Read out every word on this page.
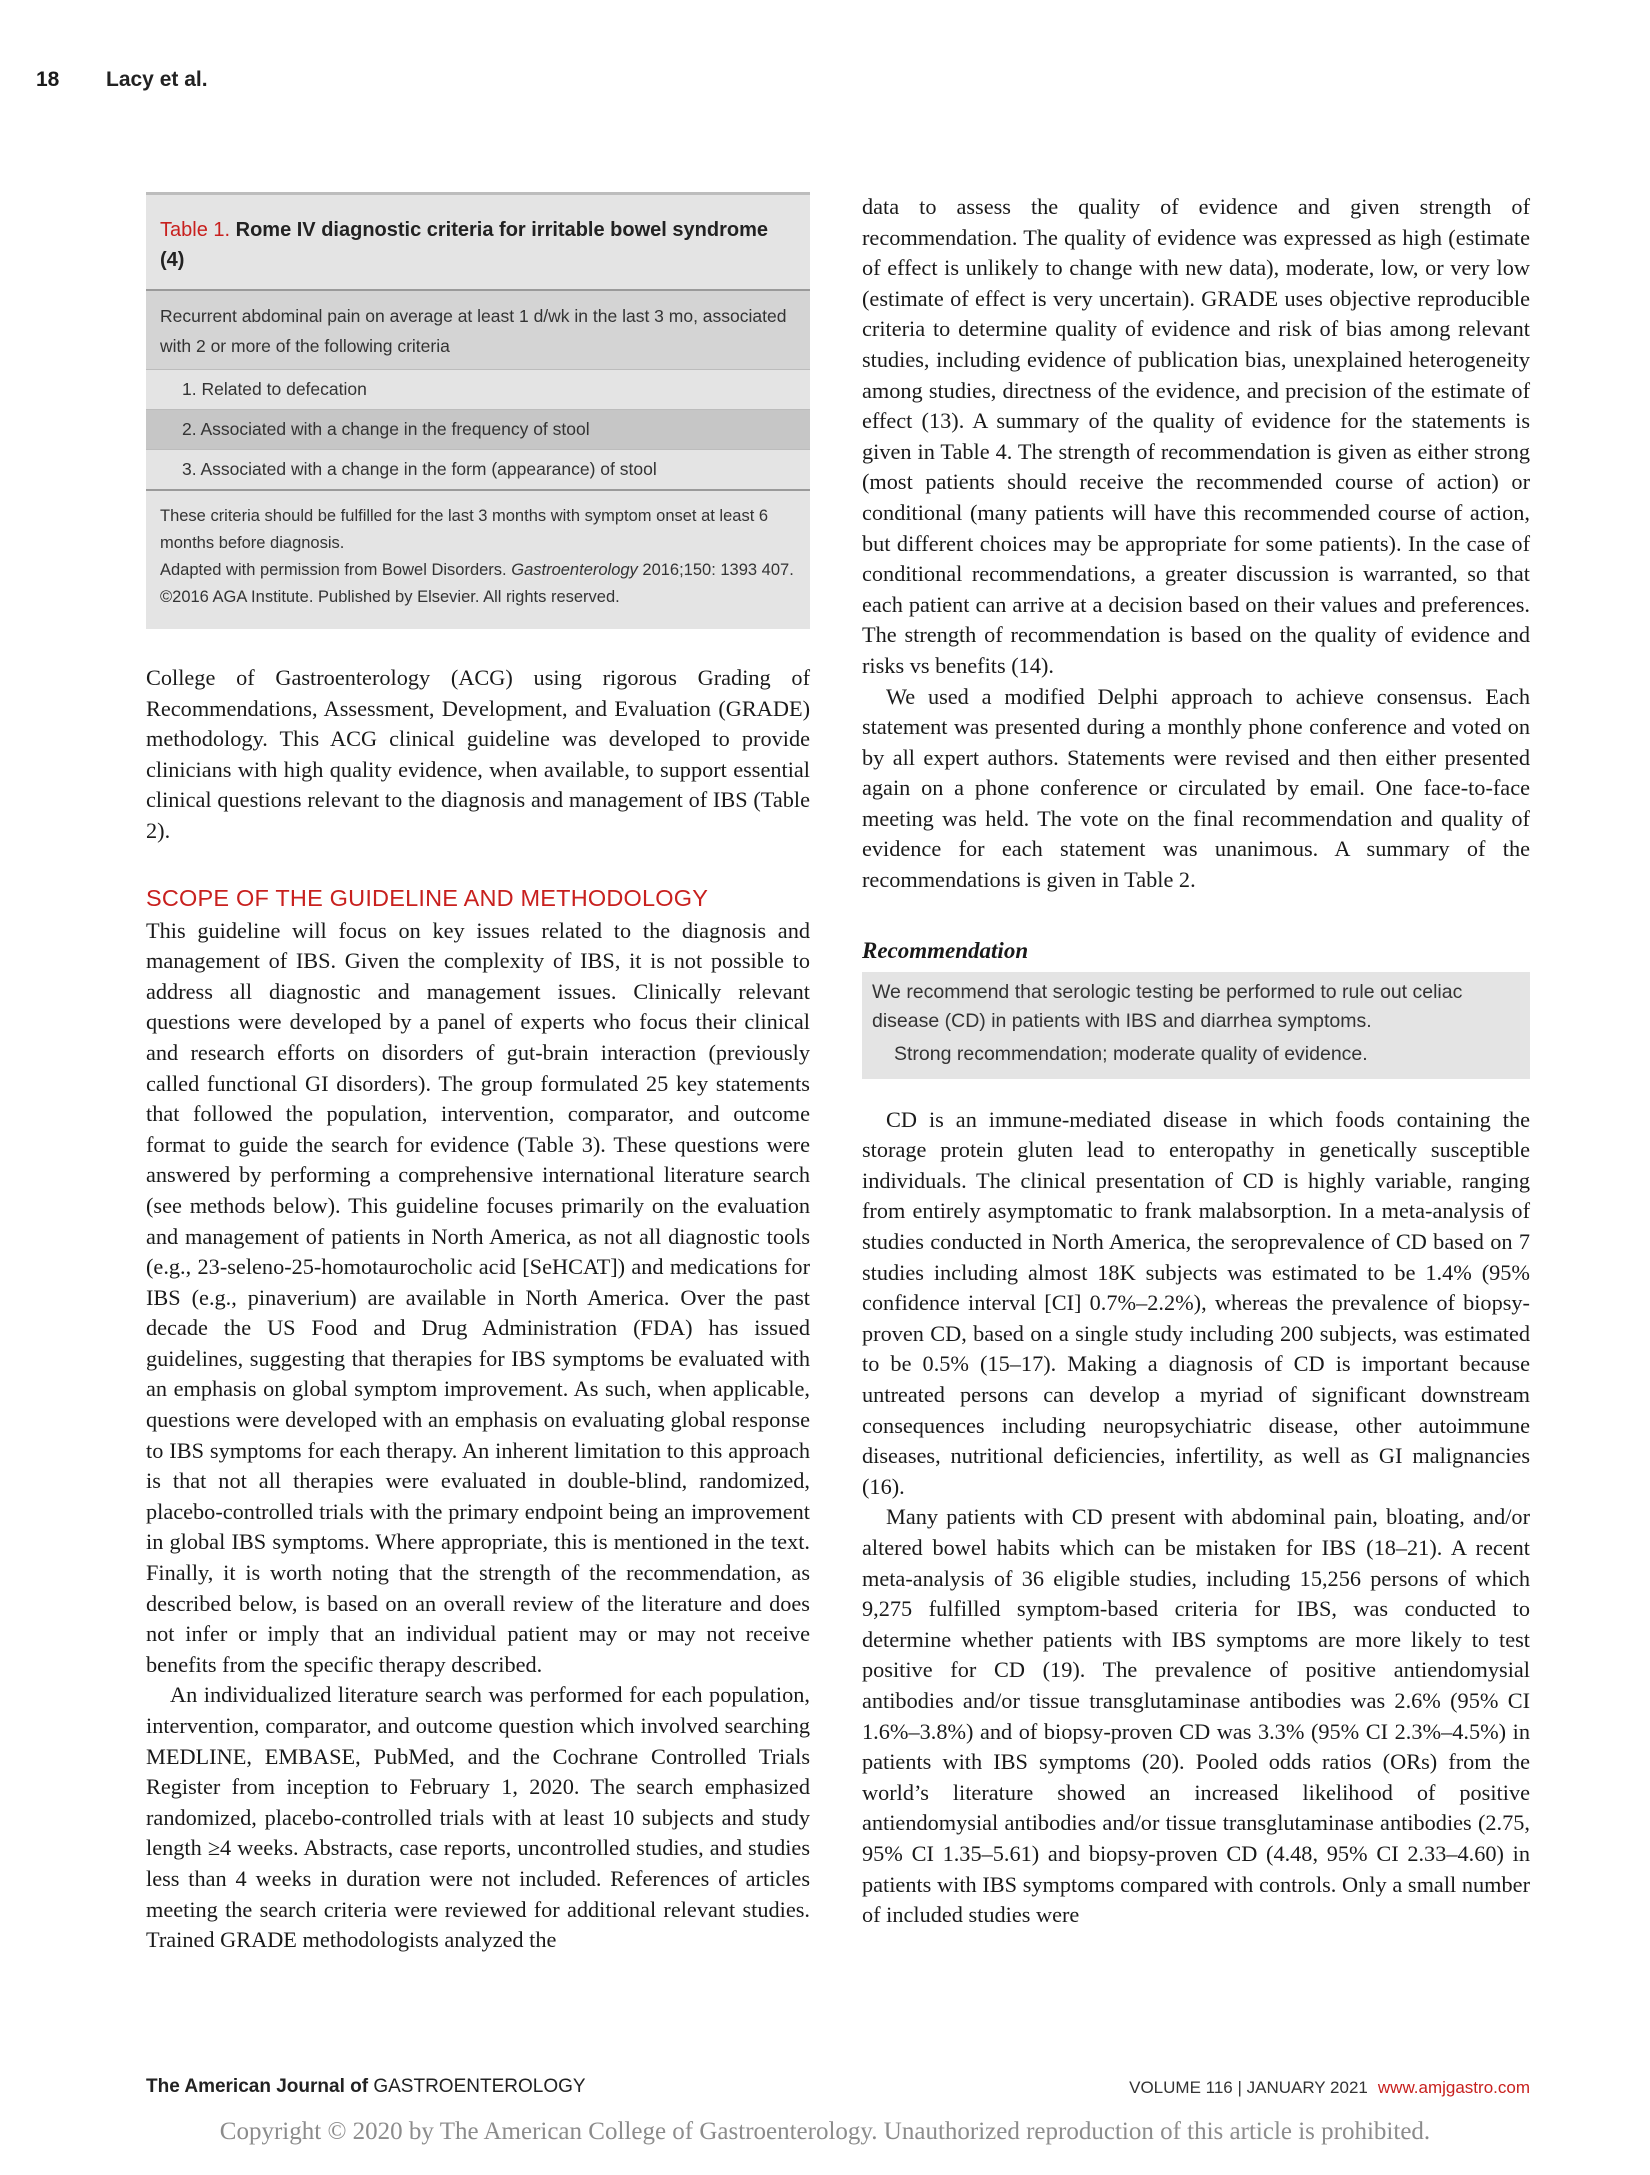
18 Lacy et al.
Table 1. Rome IV diagnostic criteria for irritable bowel syndrome (4)
Recurrent abdominal pain on average at least 1 d/wk in the last 3 mo, associated with 2 or more of the following criteria
1. Related to defecation
2. Associated with a change in the frequency of stool
3. Associated with a change in the form (appearance) of stool
These criteria should be fulfilled for the last 3 months with symptom onset at least 6 months before diagnosis.
Adapted with permission from Bowel Disorders. Gastroenterology 2016;150: 1393 407. ©2016 AGA Institute. Published by Elsevier. All rights reserved.

College of Gastroenterology (ACG) using rigorous Grading of Recommendations, Assessment, Development, and Evaluation (GRADE) methodology. This ACG clinical guideline was developed to provide clinicians with high quality evidence, when available, to support essential clinical questions relevant to the diagnosis and management of IBS (Table 2).

SCOPE OF THE GUIDELINE AND METHODOLOGY

This guideline will focus on key issues related to the diagnosis and management of IBS. Given the complexity of IBS, it is not possible to address all diagnostic and management issues. Clinically relevant questions were developed by a panel of experts who focus their clinical and research efforts on disorders of gut-brain interaction (previously called functional GI disorders). The group formulated 25 key statements that followed the population, intervention, comparator, and outcome format to guide the search for evidence (Table 3). These questions were answered by performing a comprehensive international literature search (see methods below). This guideline focuses primarily on the evaluation and management of patients in North America, as not all diagnostic tools (e.g., 23-seleno-25-homotaurocholic acid [SeHCAT]) and medications for IBS (e.g., pinaverium) are available in North America. Over the past decade the US Food and Drug Administration (FDA) has issued guidelines, suggesting that therapies for IBS symptoms be evaluated with an emphasis on global symptom improvement. As such, when applicable, questions were developed with an emphasis on evaluating global response to IBS symptoms for each therapy. An inherent limitation to this approach is that not all therapies were evaluated in double-blind, randomized, placebo-controlled trials with the primary endpoint being an improvement in global IBS symptoms. Where appropriate, this is mentioned in the text. Finally, it is worth noting that the strength of the recommendation, as described below, is based on an overall review of the literature and does not infer or imply that an individual patient may or may not receive benefits from the specific therapy described.

An individualized literature search was performed for each population, intervention, comparator, and outcome question which involved searching MEDLINE, EMBASE, PubMed, and the Cochrane Controlled Trials Register from inception to February 1, 2020. The search emphasized randomized, placebo-controlled trials with at least 10 subjects and study length ≥4 weeks. Abstracts, case reports, uncontrolled studies, and studies less than 4 weeks in duration were not included. References of articles meeting the search criteria were reviewed for additional relevant studies. Trained GRADE methodologists analyzed the

data to assess the quality of evidence and given strength of recommendation. The quality of evidence was expressed as high (estimate of effect is unlikely to change with new data), moderate, low, or very low (estimate of effect is very uncertain). GRADE uses objective reproducible criteria to determine quality of evidence and risk of bias among relevant studies, including evidence of publication bias, unexplained heterogeneity among studies, directness of the evidence, and precision of the estimate of effect (13). A summary of the quality of evidence for the statements is given in Table 4. The strength of recommendation is given as either strong (most patients should receive the recommended course of action) or conditional (many patients will have this recommended course of action, but different choices may be appropriate for some patients). In the case of conditional recommendations, a greater discussion is warranted, so that each patient can arrive at a decision based on their values and preferences. The strength of recommendation is based on the quality of evidence and risks vs benefits (14).

We used a modified Delphi approach to achieve consensus. Each statement was presented during a monthly phone conference and voted on by all expert authors. Statements were revised and then either presented again on a phone conference or circulated by email. One face-to-face meeting was held. The vote on the final recommendation and quality of evidence for each statement was unanimous. A summary of the recommendations is given in Table 2.

Recommendation
We recommend that serologic testing be performed to rule out celiac disease (CD) in patients with IBS and diarrhea symptoms.
Strong recommendation; moderate quality of evidence.

CD is an immune-mediated disease in which foods containing the storage protein gluten lead to enteropathy in genetically susceptible individuals. The clinical presentation of CD is highly variable, ranging from entirely asymptomatic to frank malabsorption. In a meta-analysis of studies conducted in North America, the seroprevalence of CD based on 7 studies including almost 18K subjects was estimated to be 1.4% (95% confidence interval [CI] 0.7%–2.2%), whereas the prevalence of biopsy-proven CD, based on a single study including 200 subjects, was estimated to be 0.5% (15–17). Making a diagnosis of CD is important because untreated persons can develop a myriad of significant downstream consequences including neuropsychiatric disease, other autoimmune diseases, nutritional deficiencies, infertility, as well as GI malignancies (16).

Many patients with CD present with abdominal pain, bloating, and/or altered bowel habits which can be mistaken for IBS (18–21). A recent meta-analysis of 36 eligible studies, including 15,256 persons of which 9,275 fulfilled symptom-based criteria for IBS, was conducted to determine whether patients with IBS symptoms are more likely to test positive for CD (19). The prevalence of positive antiendomysial antibodies and/or tissue transglutaminase antibodies was 2.6% (95% CI 1.6%–3.8%) and of biopsy-proven CD was 3.3% (95% CI 2.3%–4.5%) in patients with IBS symptoms (20). Pooled odds ratios (ORs) from the world’s literature showed an increased likelihood of positive antiendomysial antibodies and/or tissue transglutaminase antibodies (2.75, 95% CI 1.35–5.61) and biopsy-proven CD (4.48, 95% CI 2.33–4.60) in patients with IBS symptoms compared with controls. Only a small number of included studies were

The American Journal of GASTROENTEROLOGY	VOLUME 116 | JANUARY 2021 www.amjgastro.com
Copyright © 2020 by The American College of Gastroenterology. Unauthorized reproduction of this article is prohibited.
